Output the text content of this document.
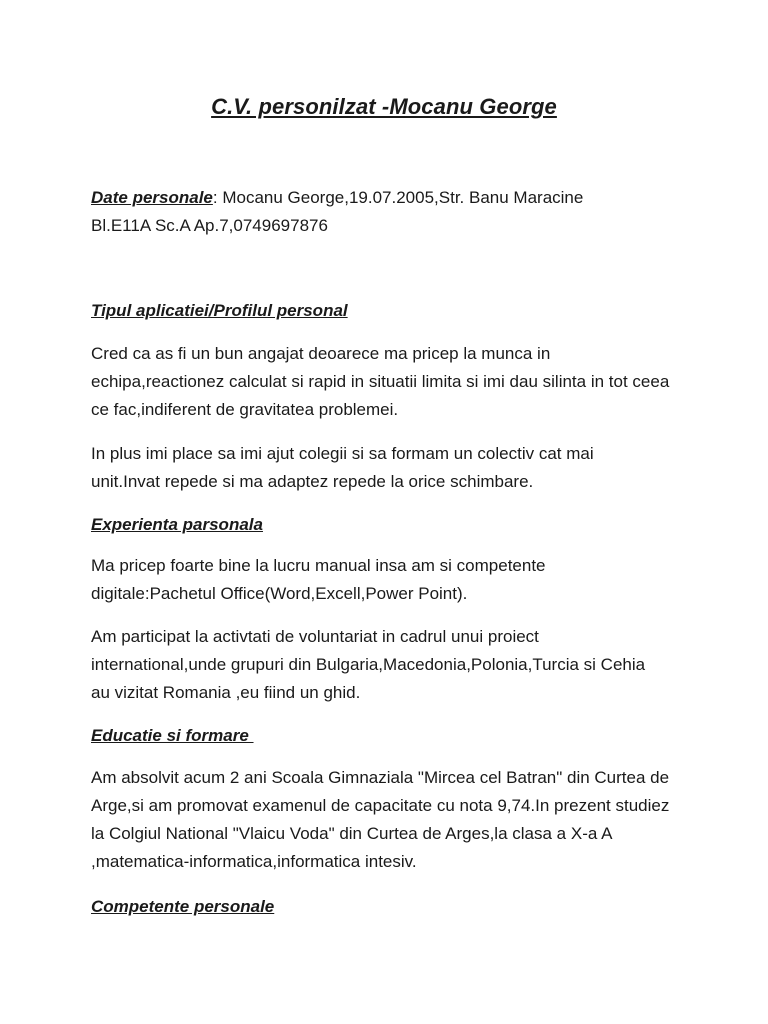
C.V. personilzat -Mocanu George
Date personale: Mocanu George,19.07.2005,Str. Banu Maracine
Bl.E11A Sc.A Ap.7,0749697876
Tipul aplicatiei/Profilul personal
Cred ca as fi un bun angajat deoarece ma pricep la munca in echipa,reactionez calculat si rapid in situatii limita si imi dau silinta in tot ceea ce fac,indiferent de gravitatea problemei.
In plus imi place sa imi ajut colegii si sa formam un colectiv cat mai unit.Invat repede si ma adaptez repede la orice schimbare.
Experienta parsonala
Ma pricep foarte bine la lucru manual insa am si competente digitale:Pachetul Office(Word,Excell,Power Point).
Am participat la activtati de voluntariat in cadrul unui proiect international,unde grupuri din Bulgaria,Macedonia,Polonia,Turcia si Cehia au vizitat Romania ,eu fiind un ghid.
Educatie si formare
Am absolvit acum 2 ani Scoala Gimnaziala "Mircea cel Batran" din Curtea de Arge,si am promovat examenul de capacitate cu nota 9,74.In prezent studiez la Colgiul National "Vlaicu Voda" din Curtea de Arges,la clasa a X-a A ,matematica-informatica,informatica intesiv.
Competente personale
